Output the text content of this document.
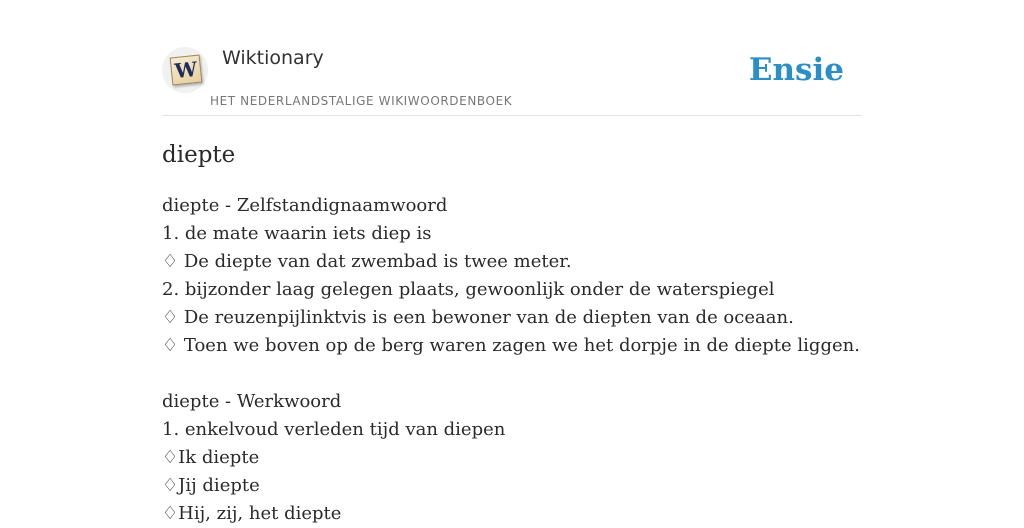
W Wiktionary
HET NEDERLANDSTALIGE WIKIWOORDENBOEK
Ensie
diepte
diepte - Zelfstandignaamwoord
1. de mate waarin iets diep is
♢ De diepte van dat zwembad is twee meter.
2. bijzonder laag gelegen plaats, gewoonlijk onder de waterspiegel
♢ De reuzenpijlinktvis is een bewoner van de diepten van de oceaan.
♢ Toen we boven op de berg waren zagen we het dorpje in de diepte liggen.
diepte - Werkwoord
1. enkelvoud verleden tijd van diepen
♢Ik diepte
♢Jij diepte
♢Hij, zij, het diepte
